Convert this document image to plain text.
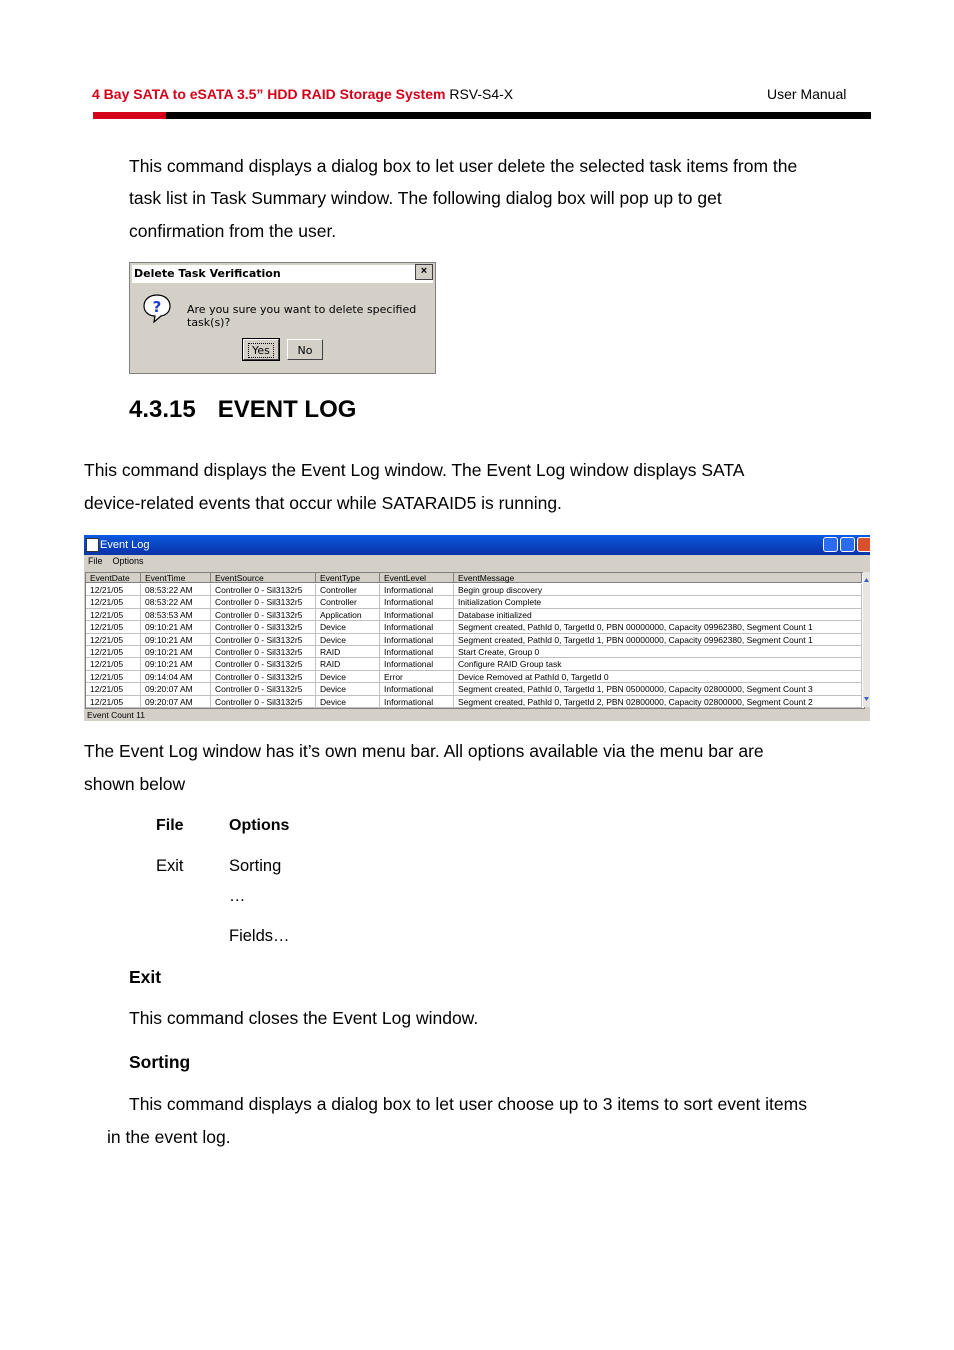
4 Bay SATA to eSATA 3.5” HDD RAID Storage System RSV-S4-X	User Manual
This command displays a dialog box to let user delete the selected task items from the
task list in Task Summary window. The following dialog box will pop up to get
confirmation from the user.
Delete Task Verification	×
? Are you sure you want to delete specified task(s)?
Yes	No
4.3.15 EVENT LOG
This command displays the Event Log window. The Event Log window displays SATA
device-related events that occur while SATARAID5 is running.
Event Log
File Options
EventDate	EventTime	EventSource	EventType	EventLevel	EventMessage
12/21/05	08:53:22 AM	Controller 0 - Sil3132r5	Controller	Informational	Begin group discovery
12/21/05	08:53:22 AM	Controller 0 - Sil3132r5	Controller	Informational	Initialization Complete
12/21/05	08:53:53 AM	Controller 0 - Sil3132r5	Application	Informational	Database initialized
12/21/05	09:10:21 AM	Controller 0 - Sil3132r5	Device	Informational	Segment created, PathId 0, TargetId 0, PBN 00000000, Capacity 09962380, Segment Count 1
12/21/05	09:10:21 AM	Controller 0 - Sil3132r5	Device	Informational	Segment created, PathId 0, TargetId 1, PBN 00000000, Capacity 09962380, Segment Count 1
12/21/05	09:10:21 AM	Controller 0 - Sil3132r5	RAID	Informational	Start Create, Group 0
12/21/05	09:10:21 AM	Controller 0 - Sil3132r5	RAID	Informational	Configure RAID Group task
12/21/05	09:14:04 AM	Controller 0 - Sil3132r5	Device	Error	Device Removed at PathId 0, TargetId 0
12/21/05	09:20:07 AM	Controller 0 - Sil3132r5	Device	Informational	Segment created, PathId 0, TargetId 1, PBN 05000000, Capacity 02800000, Segment Count 3
12/21/05	09:20:07 AM	Controller 0 - Sil3132r5	Device	Informational	Segment created, PathId 0, TargetId 2, PBN 02800000, Capacity 02800000, Segment Count 2
Event Count 11
The Event Log window has it’s own menu bar. All options available via the menu bar are
shown below
File	Options
Exit	Sorting
…
Fields…
Exit
This command closes the Event Log window.
Sorting
This command displays a dialog box to let user choose up to 3 items to sort event items
in the event log.
